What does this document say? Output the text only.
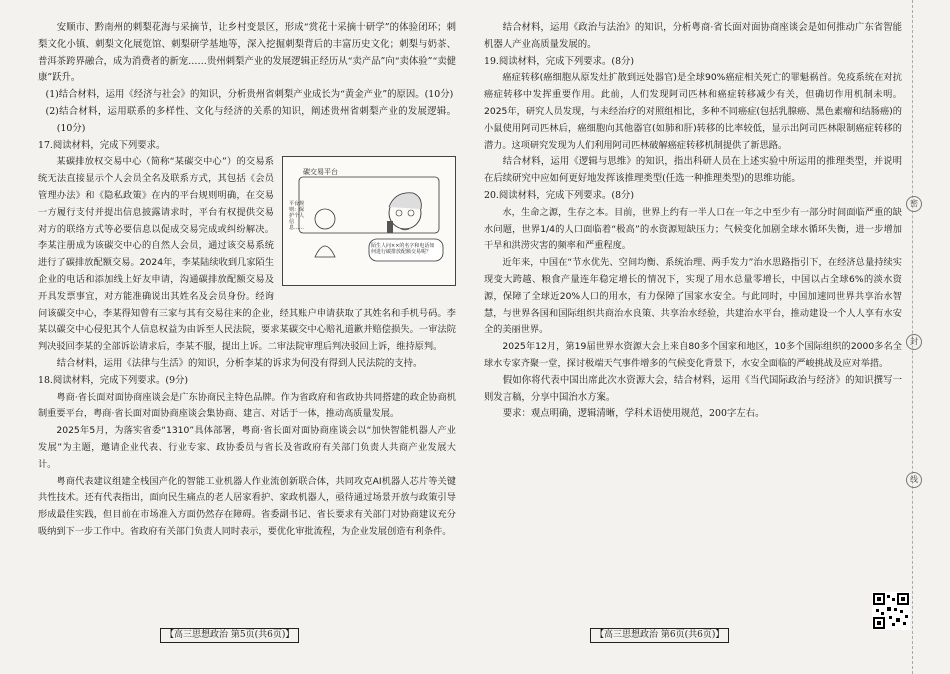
安顺市、黔南州的刺梨花海与采摘节，让乡村变景区，形成“赏花十采摘十研学”的体验闭环；刺梨文化小镇、刺梨文化展览馆、刺梨研学基地等，深入挖掘刺梨背后的丰富历史文化；刺梨与奶茶、普洱茶跨界融合，成为消费者的新宠……贵州刺梨产业的发展逻辑正经历从“卖产品”向“卖体验”“卖健康”跃升。

(1)结合材料，运用《经济与社会》的知识，分析贵州省刺梨产业成长为“黄金产业”的原因。(10分)

(2)结合材料，运用联系的多样性、文化与经济的关系的知识，阐述贵州省刺梨产业的发展逻辑。(10分)

17.阅读材料，完成下列要求。

碳交易平台
平台规则：保护个人信息……
陌生人问××的名字和电话如何进行碳排放配额交易呢？

某碳排放权交易中心（简称“某碳交中心”）的交易系统无法直接显示个人会员全名及联系方式，其包括《会员管理办法》和《隐私政策》在内的平台规则明确，在交易一方履行支付并提出信息披露请求时，平台有权提供交易对方的联络方式等必要信息以促成交易完成或纠纷解决。李某注册成为该碳交中心的自然人会员，通过该交易系统进行了碳排放配额交易。2024年，李某陆续收到几家陌生企业的电话和添加线上好友申请，沟通碳排放配额交易及开具发票事宜，对方能准确说出其姓名及会员身份。经询问该碳交中心，李某得知曾有三家与其有交易往来的企业，经其账户申请获取了其姓名和手机号码。李某以碳交中心侵犯其个人信息权益为由诉至人民法院，要求某碳交中心赔礼道歉并赔偿损失。一审法院判决驳回李某的全部诉讼请求后，李某不服，提出上诉。二审法院审理后判决驳回上诉，维持原判。

结合材料，运用《法律与生活》的知识，分析李某的诉求为何没有得到人民法院的支持。

18.阅读材料，完成下列要求。(9分)

粤商·省长面对面协商座谈会是广东协商民主特色品牌。作为省政府和省政协共同搭建的政企协商机制重要平台，粤商·省长面对面协商座谈会集协商、建言、对话于一体，推动高质量发展。

2025年5月，为落实省委“1310”具体部署，粤商·省长面对面协商座谈会以“加快智能机器人产业发展”为主题，邀请企业代表、行业专家、政协委员与省长及省政府有关部门负责人共商产业发展大计。

粤商代表建议组建全栈国产化的智能工业机器人作业流创新联合体，共同攻克AI机器人芯片等关键共性技术。还有代表指出，面向民生痛点的老人居家看护、家政机器人，亟待通过场景开放与政策引导形成最佳实践，但目前在市场准入方面仍然存在障碍。省委副书记、省长要求有关部门对协商建议充分吸纳到下一步工作中。省政府有关部门负责人同时表示，要优化审批流程，为企业发展创造有利条件。

【高三思想政治 第5页(共6页)】

结合材料，运用《政治与法治》的知识，分析粤商·省长面对面协商座谈会是如何推动广东省智能机器人产业高质量发展的。

19.阅读材料，完成下列要求。(8分)

癌症转移(癌细胞从原发灶扩散到远处器官)是全球90%癌症相关死亡的罪魁祸首。免疫系统在对抗癌症转移中发挥重要作用。此前，人们发现阿司匹林和癌症转移减少有关，但确切作用机制未明。2025年，研究人员发现，与未经治疗的对照组相比，多种不同癌症(包括乳腺癌、黑色素瘤和结肠癌)的小鼠使用阿司匹林后，癌细胞向其他器官(如肺和肝)转移的比率较低，显示出阿司匹林限制癌症转移的潜力。这项研究发现为人们利用阿司匹林破解癌症转移机制提供了新思路。

结合材料，运用《逻辑与思维》的知识，指出科研人员在上述实验中所运用的推理类型，并说明在后续研究中应如何更好地发挥该推理类型(任选一种推理类型)的思维功能。

20.阅读材料，完成下列要求。(8分)

水，生命之源，生存之本。目前，世界上约有一半人口在一年之中至少有一部分时间面临严重的缺水问题，世界1/4的人口面临着“极高”的水资源短缺压力；气候变化加剧全球水循环失衡，进一步增加干旱和洪涝灾害的频率和严重程度。

近年来，中国在“节水优先、空间均衡、系统治理、两手发力”治水思路指引下，在经济总量持续实现变大跨越、粮食产量连年稳定增长的情况下，实现了用水总量零增长，中国以占全球6%的淡水资源，保障了全球近20%人口的用水，有力保障了国家水安全。与此同时，中国加速同世界共享治水智慧，与世界各国和国际组织共商治水良策、共享治水经验，共建治水平台，推动建设一个人人享有水安全的美丽世界。

2025年12月，第19届世界水资源大会上来自80多个国家和地区，10多个国际组织的2000多名全球水专家齐聚一堂，探讨极端天气事件增多的气候变化背景下，水安全面临的严峻挑战及应对举措。

假如你将代表中国出席此次水资源大会，结合材料，运用《当代国际政治与经济》的知识撰写一则发言稿，分享中国治水方案。

要求：观点明确，逻辑清晰，学科术语使用规范，200字左右。

【高三思想政治 第6页(共6页)】
密
封
线
